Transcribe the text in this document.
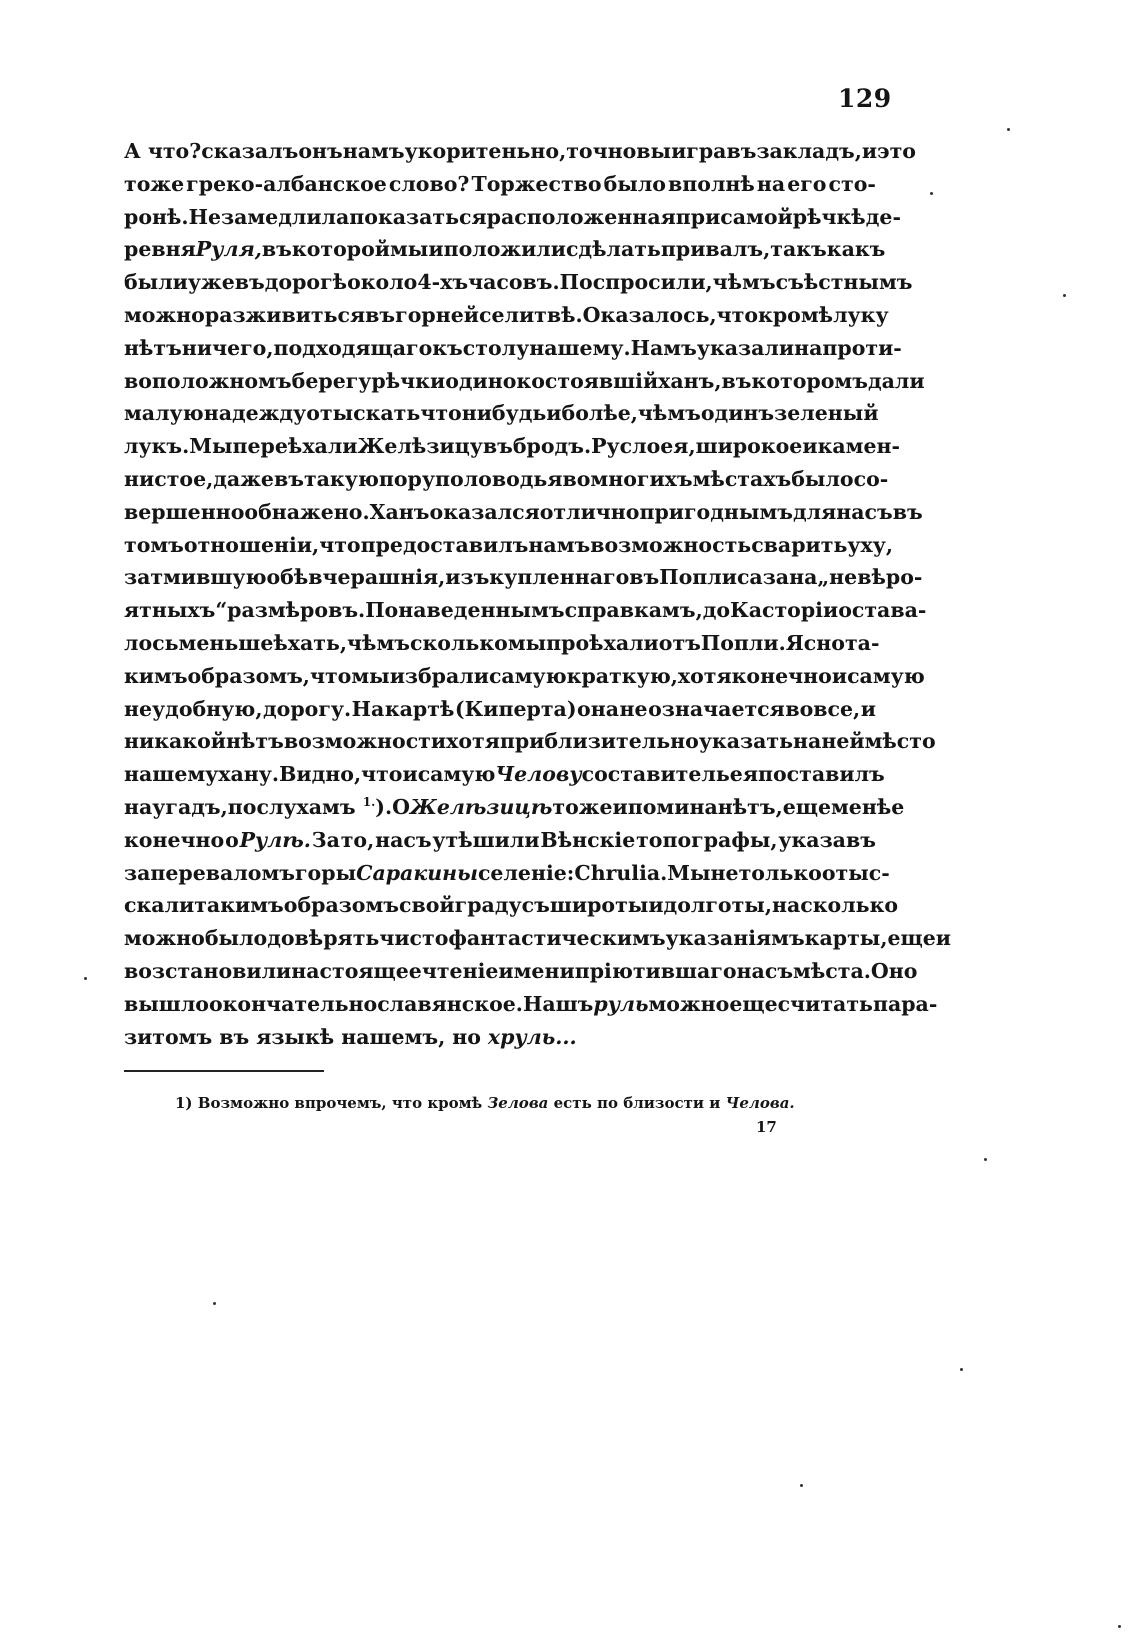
129
А что? сказалъ онъ намъ укоритеньно, точно выигравъ закладъ, и это
тоже греко-албанское слово? Торжество было вполнѣ на его сто-
ронѣ. Не замедлила показаться расположенная при самой рѣчкѣ де-
ревня Руля, въ которой мы и положили сдѣлать привалъ, такъ какъ
были уже въ дорогѣ около 4-хъ часовъ. Поспросили, чѣмъ съѣстнымъ
можно разживиться въ горней селитвѣ. Оказалось, что кромѣ луку
нѣтъ ничего, подходящаго къ столу нашему. Намъ указали на проти-
воположномъ берегу рѣчки одиноко стоявшiй ханъ, въ которомъ дали
малую надежду отыскать что нибудь и болѣе, чѣмъ одинъ зеленый
лукъ. Мы переѣхали Желѣзицу въ бродъ. Русло ея, широкое и камен-
нистое, даже въ такую пору половодья во многихъ мѣстахъ было со-
вершенно обнажено. Ханъ оказался отлично пригоднымъ для насъ въ
томъ отношенiи, что предоставилъ намъ возможность сварить уху,
затмившую обѣ вчерашнiя, изъ купленнаго въ Попли сазана „невѣро-
ятныхъ“ размѣровъ. По наведеннымъ справкамъ, до Касторiи остава-
лось меньше ѣхать, чѣмъ сколько мы проѣхали отъ Попли. Ясно та-
кимъ образомъ, что мы избрали самую краткую, хотя конечно и самую
неудобную, дорогу. На картѣ (Киперта) она не означается вовсе, и
никакой нѣтъ возможности хотя приблизительно указать на ней мѣсто
нашему хану. Видно, что и самую Челову составитель ея поставилъ
на угадъ, по слухамъ 1.). О Желѣзицѣ тоже и помина нѣтъ, еще менѣе
конечно о Рулѣ. За то, насъ утѣшили Вѣнскiе топографы, указавъ
за переваломъ горы Саракины селенiе: Chrulia. Мы не только отыс-
скали такимъ образомъ свой градусъ широты и долготы, на сколько
можно было довѣрять чисто фантастическимъ указанiямъ карты, еще и
возстановили настоящее чтенiе имени прiютившаго насъ мѣста. Оно
вышло окончательно славянское. Нашъ руль можно еще считать пара-
зитомъ въ языкѣ нашемъ, но хруль...
1) Возможно впрочемъ, что кромѣ Зелова есть по близости и Челова.
17
